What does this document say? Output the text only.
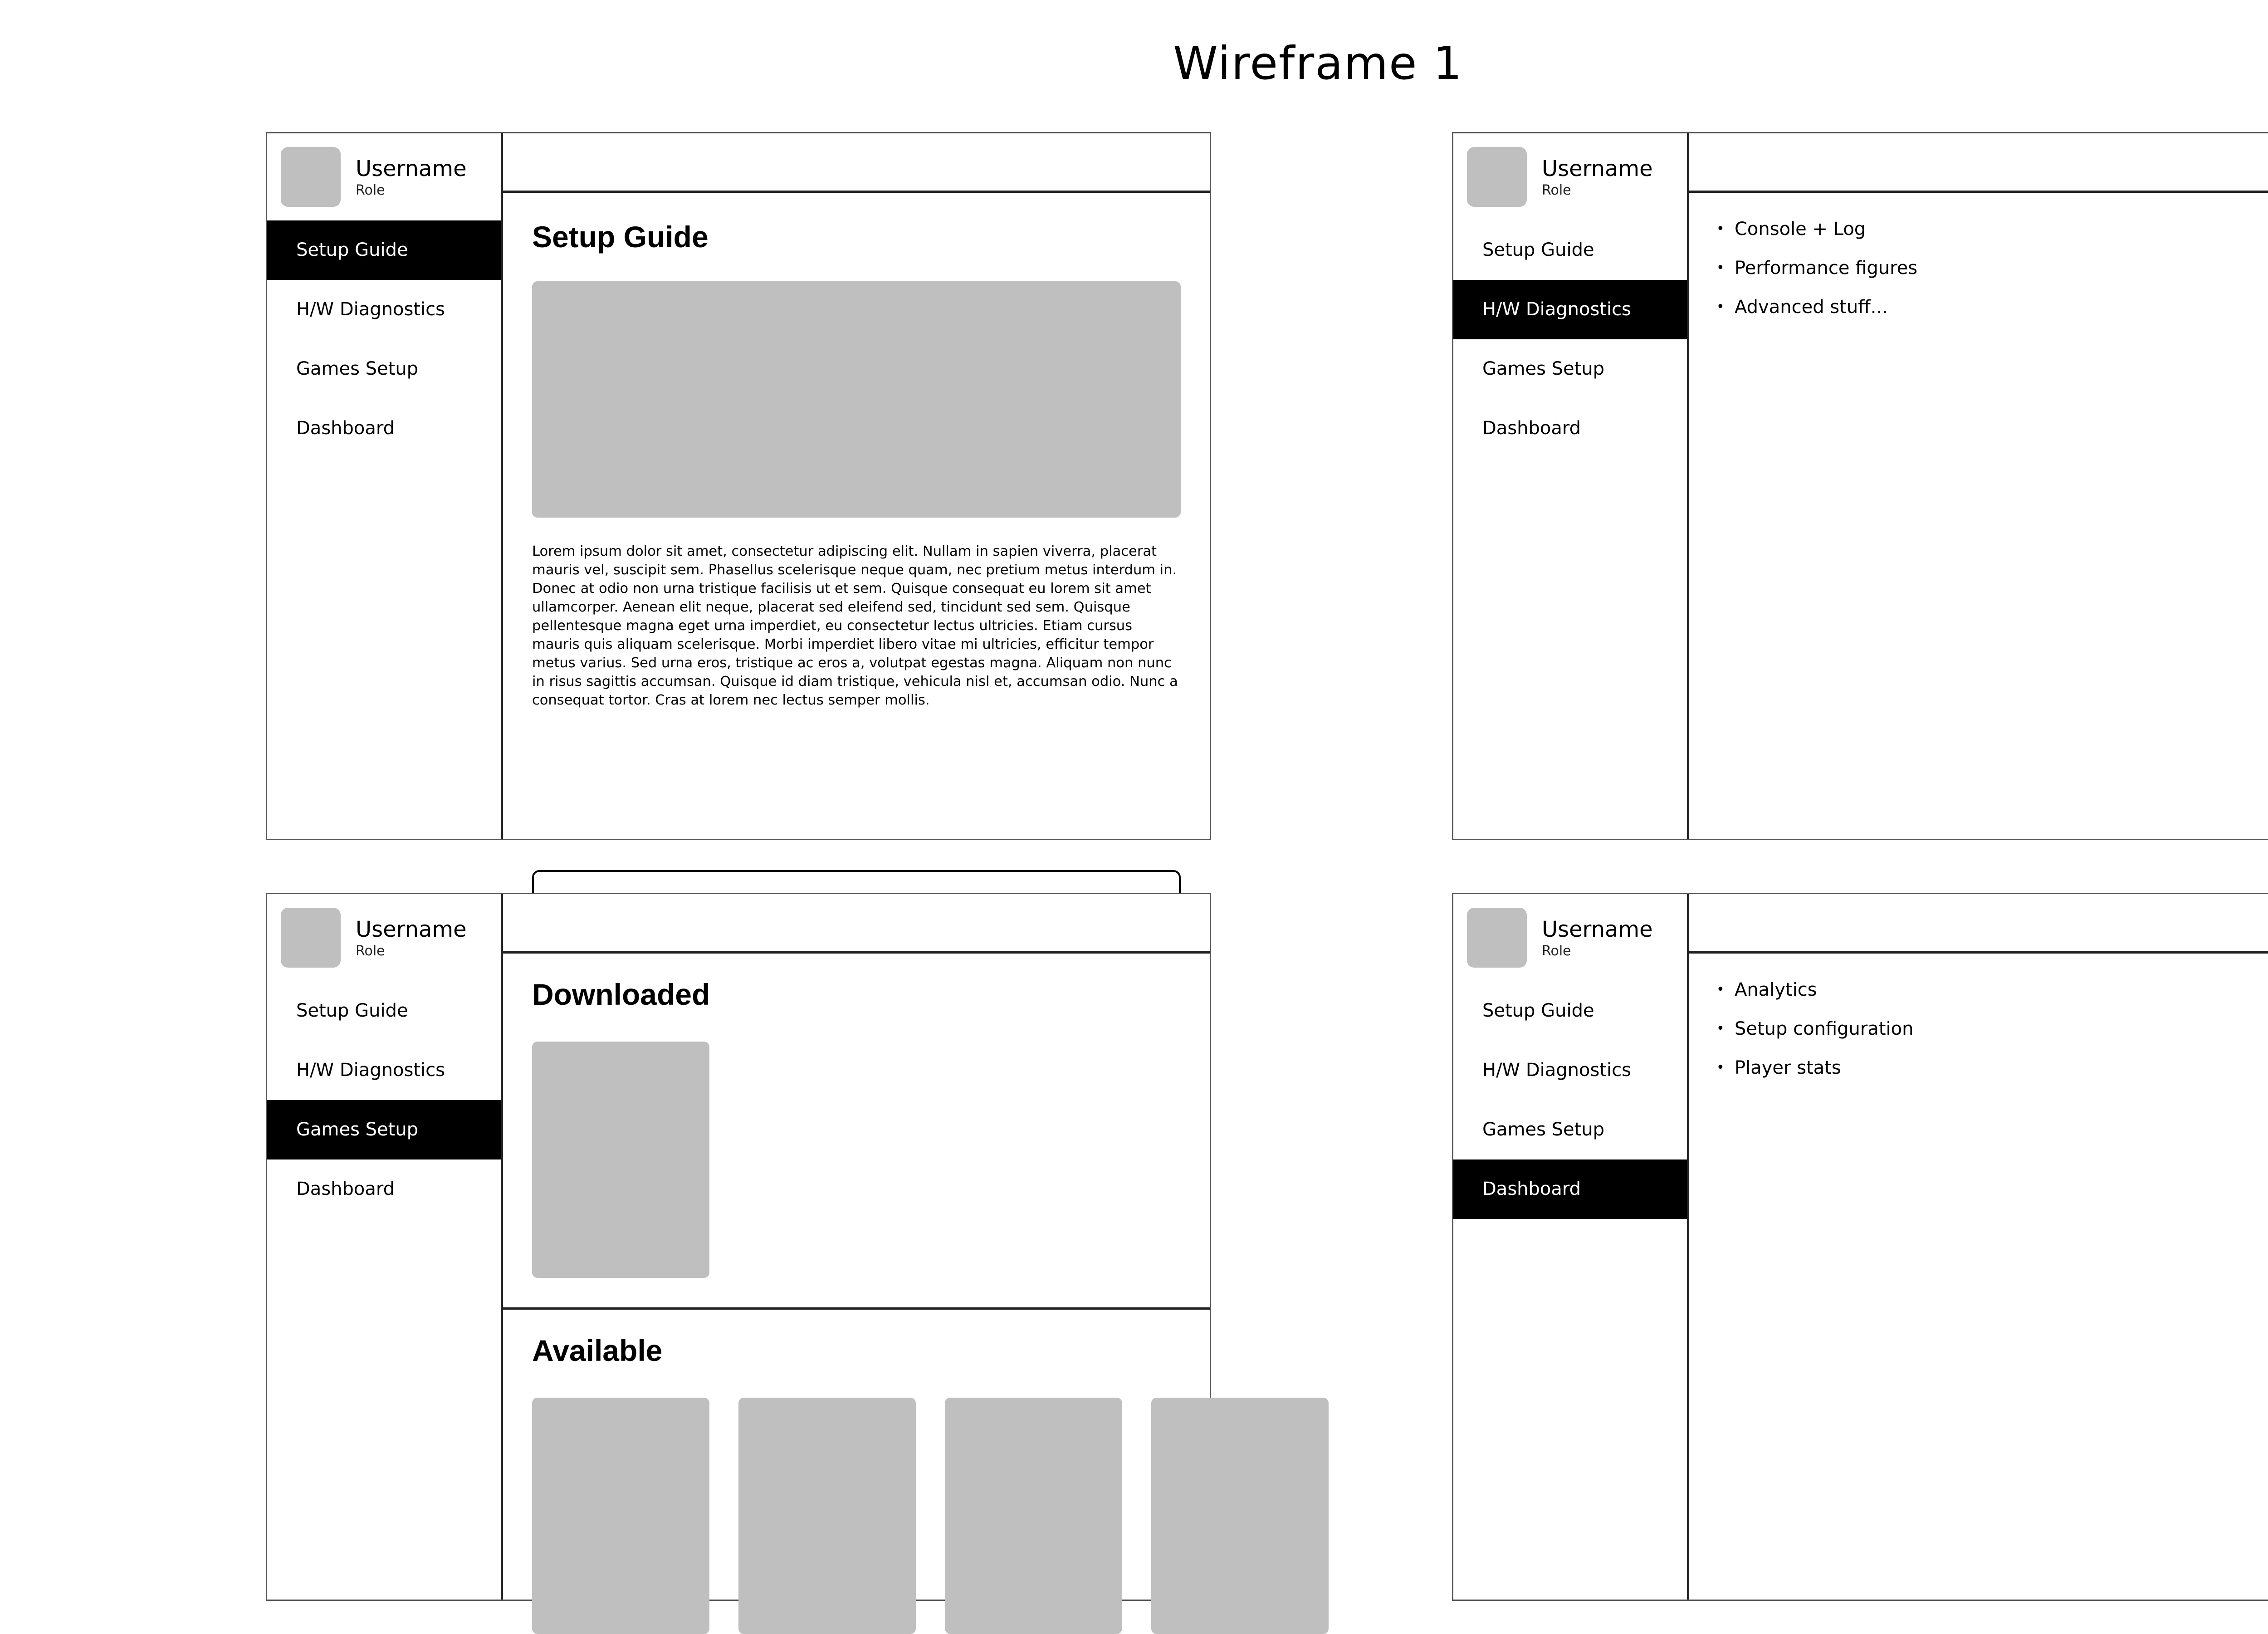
Wireframe 1
Username
Role
Setup Guide
H/W Diagnostics
Games Setup
Dashboard
Setup Guide
Lorem ipsum dolor sit amet, consectetur adipiscing elit. Nullam in sapien viverra, placerat mauris vel, suscipit sem. Phasellus scelerisque neque quam, nec pretium metus interdum in. Donec at odio non urna tristique facilisis ut et sem. Quisque consequat eu lorem sit amet ullamcorper. Aenean elit neque, placerat sed eleifend sed, tincidunt sed sem. Quisque pellentesque magna eget urna imperdiet, eu consectetur lectus ultricies. Etiam cursus mauris quis aliquam scelerisque. Morbi imperdiet libero vitae mi ultricies, efficitur tempor metus varius. Sed urna eros, tristique ac eros a, volutpat egestas magna. Aliquam non nunc in risus sagittis accumsan. Quisque id diam tristique, vehicula nisl et, accumsan odio. Nunc a consequat tortor. Cras at lorem nec lectus semper mollis.
•
Username
Role
Setup Guide
H/W Diagnostics
Games Setup
Dashboard
• Console + Log
• Performance figures
• Advanced stuff...
Username
Role
Setup Guide
H/W Diagnostics
Games Setup
Dashboard
Downloaded
Available
Username
Role
Setup Guide
H/W Diagnostics
Games Setup
Dashboard
• Analytics
• Setup configuration
• Player stats
